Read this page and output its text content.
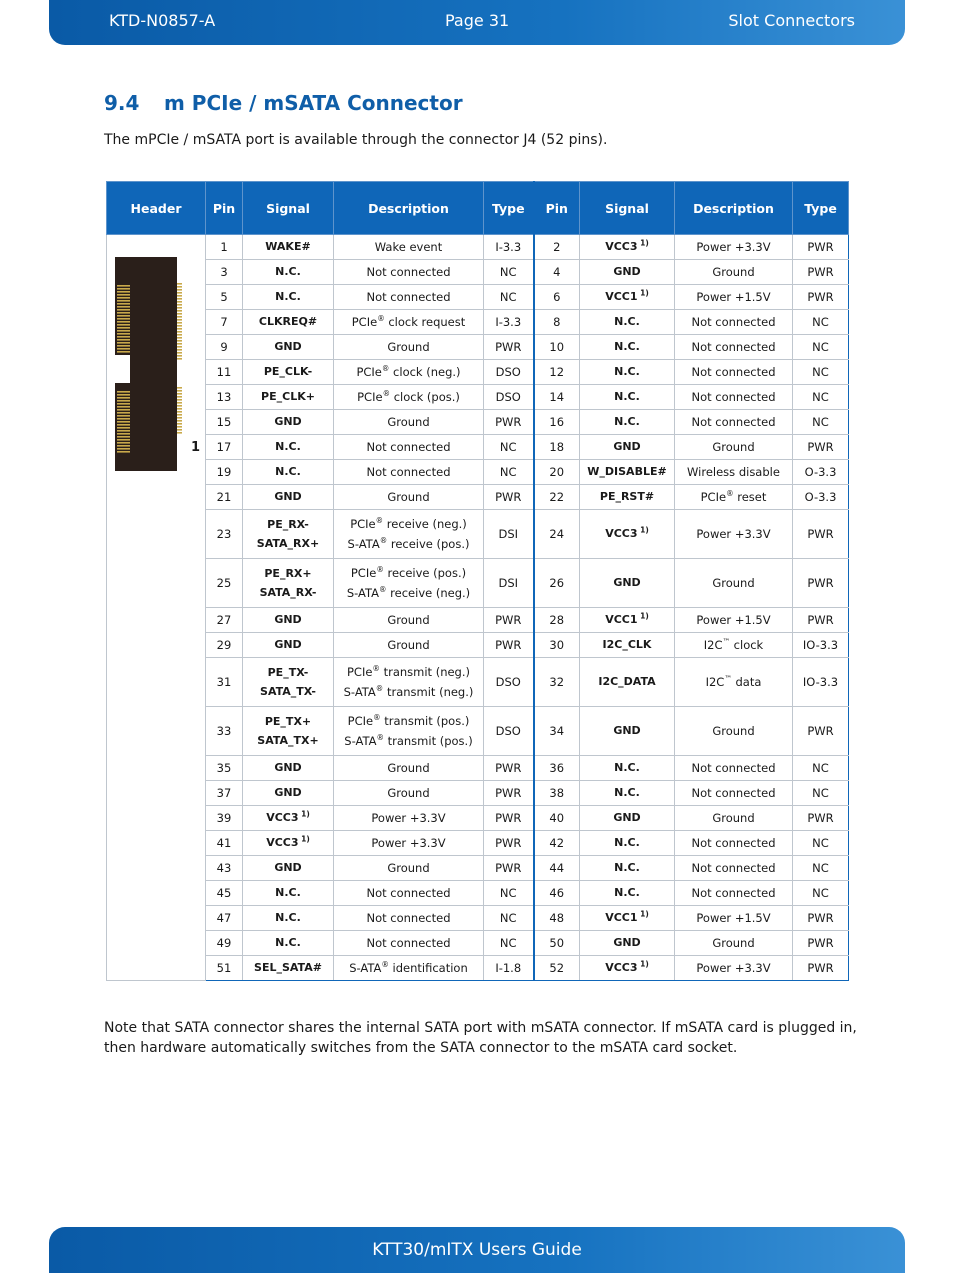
KTD-N0857-A	Page 31	Slot Connectors
9.4 m PCIe / mSATA Connector

The mPCIe / mSATA port is available through the connector J4 (52 pins).

Header	Pin	Signal	Description	Type	Pin	Signal	Description	Type

1	1	WAKE#	Wake event	I-3.3	2	VCC3 $^{1)}$	Power +3.3V	PWR
	3	N.C.	Not connected	NC	4	GND	Ground	PWR
	5	N.C.	Not connected	NC	6	VCC1 $^{1)}$	Power +1.5V	PWR
	7	CLKREQ#	PCIe® clock request	I-3.3	8	N.C.	Not connected	NC
	9	GND	Ground	PWR	10	N.C.	Not connected	NC
	11	PE_CLK-	PCIe® clock (neg.)	DSO	12	N.C.	Not connected	NC
	13	PE_CLK+	PCIe® clock (pos.)	DSO	14	N.C.	Not connected	NC
	15	GND	Ground	PWR	16	N.C.	Not connected	NC
	17	N.C.	Not connected	NC	18	GND	Ground	PWR
	19	N.C.	Not connected	NC	20	W_DISABLE#	Wireless disable	O-3.3
	21	GND	Ground	PWR	22	PE_RST#	PCIe® reset	O-3.3
	23	PE_RX-
SATA_RX+	PCIe® receive (neg.)
S-ATA® receive (pos.)	DSI	24	VCC3 $^{1)}$	Power +3.3V	PWR
	25	PE_RX+
SATA_RX-	PCIe® receive (pos.)
S-ATA® receive (neg.)	DSI	26	GND	Ground	PWR
	27	GND	Ground	PWR	28	VCC1 $^{1)}$	Power +1.5V	PWR
	29	GND	Ground	PWR	30	I2C_CLK	I2C™ clock	IO-3.3
	31	PE_TX-
SATA_TX-	PCIe® transmit (neg.)
S-ATA® transmit (neg.)	DSO	32	I2C_DATA	I2C™ data	IO-3.3
	33	PE_TX+
SATA_TX+	PCIe® transmit (pos.)
S-ATA® transmit (pos.)	DSO	34	GND	Ground	PWR
	35	GND	Ground	PWR	36	N.C.	Not connected	NC
	37	GND	Ground	PWR	38	N.C.	Not connected	NC
	39	VCC3 $^{1)}$	Power +3.3V	PWR	40	GND	Ground	PWR
	41	VCC3 $^{1)}$	Power +3.3V	PWR	42	N.C.	Not connected	NC
	43	GND	Ground	PWR	44	N.C.	Not connected	NC
	45	N.C.	Not connected	NC	46	N.C.	Not connected	NC
	47	N.C.	Not connected	NC	48	VCC1 $^{1)}$	Power +1.5V	PWR
	49	N.C.	Not connected	NC	50	GND	Ground	PWR
	51	SEL_SATA#	S-ATA® identification	I-1.8	52	VCC3 $^{1)}$	Power +3.3V	PWR

Note that SATA connector shares the internal SATA port with mSATA connector. If mSATA card is plugged in, then hardware automatically switches from the SATA connector to the mSATA card socket.

KTT30/mITX Users Guide
